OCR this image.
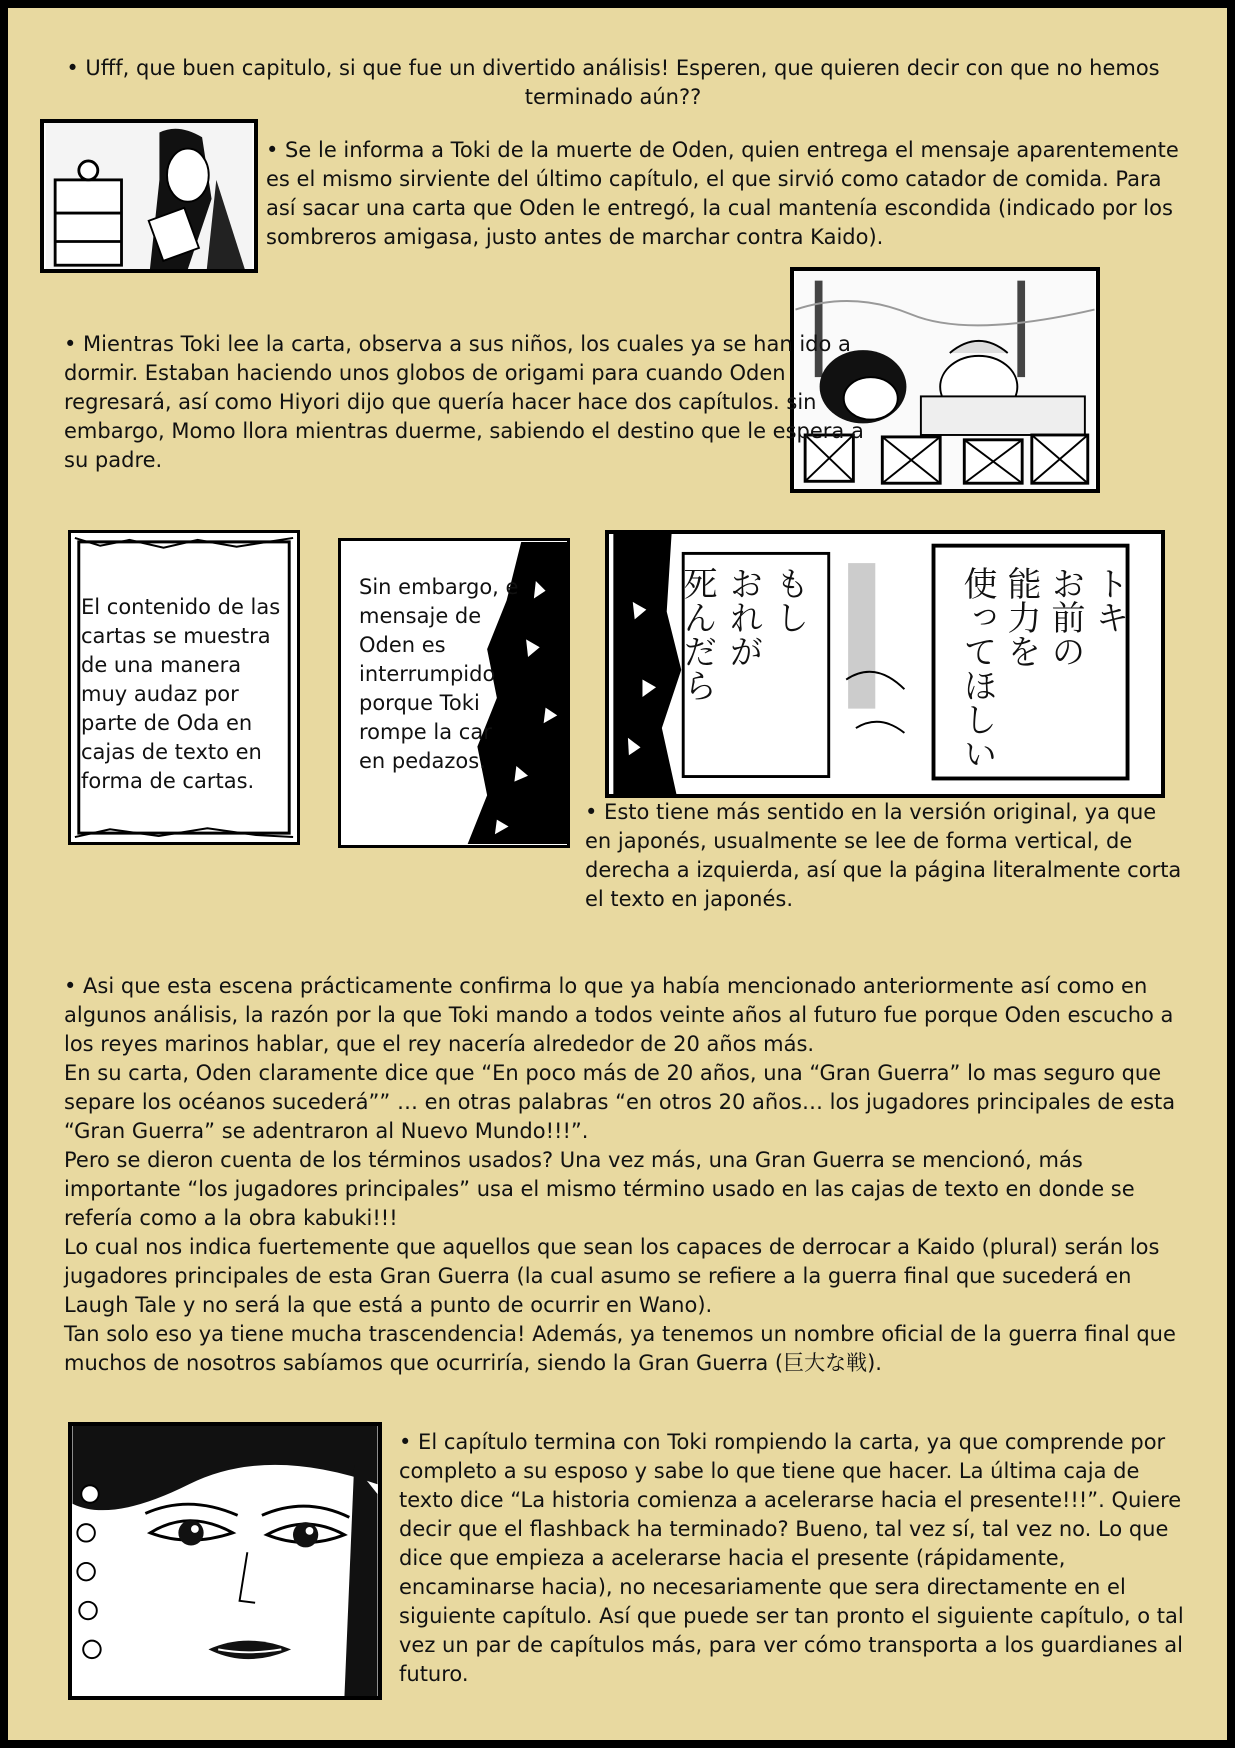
• Ufff, que buen capitulo, si que fue un divertido análisis! Esperen, que quieren decir con que no hemos terminado aún??

• Se le informa a Toki de la muerte de Oden, quien entrega el mensaje aparentemente es el mismo sirviente del último capítulo, el que sirvió como catador de comida. Para así sacar una carta que Oden le entregó, la cual mantenía escondida (indicado por los sombreros amigasa, justo antes de marchar contra Kaido).

• Mientras Toki lee la carta, observa a sus niños, los cuales ya se han ido a dormir. Estaban haciendo unos globos de origami para cuando Oden regresará, así como Hiyori dijo que quería hacer hace dos capítulos. sin embargo, Momo llora mientras duerme, sabiendo el destino que le espera a su padre.

El contenido de las
cartas se muestra
de una manera
muy audaz por
parte de Oda en
cajas de texto en
forma de cartas.

Sin embargo, e
mensaje de
Oden es
interrumpido
porque Toki
rompe la car
en pedazos.

死んだら おれが もし	使ってほしい 能力を お前の トキ

• Esto tiene más sentido en la versión original, ya que en japonés, usualmente se lee de forma vertical, de derecha a izquierda, así que la página literalmente corta el texto en japonés.

• Asi que esta escena prácticamente confirma lo que ya había mencionado anteriormente así como en algunos análisis, la razón por la que Toki mando a todos veinte años al futuro fue porque Oden escucho a los reyes marinos hablar, que el rey nacería alrededor de 20 años más.
En su carta, Oden claramente dice que “En poco más de 20 años, una “Gran Guerra” lo mas seguro que separe los océanos sucederá”” … en otras palabras “en otros 20 años… los jugadores principales de esta “Gran Guerra” se adentraron al Nuevo Mundo!!!”.
Pero se dieron cuenta de los términos usados? Una vez más, una Gran Guerra se mencionó, más importante “los jugadores principales” usa el mismo término usado en las cajas de texto en donde se refería como a la obra kabuki!!!
Lo cual nos indica fuertemente que aquellos que sean los capaces de derrocar a Kaido (plural) serán los jugadores principales de esta Gran Guerra (la cual asumo se refiere a la guerra final que sucederá en Laugh Tale y no será la que está a punto de ocurrir en Wano).
Tan solo eso ya tiene mucha trascendencia! Además, ya tenemos un nombre oficial de la guerra final que muchos de nosotros sabíamos que ocurriría, siendo la Gran Guerra (巨大な戦).

• El capítulo termina con Toki rompiendo la carta, ya que comprende por completo a su esposo y sabe lo que tiene que hacer. La última caja de texto dice “La historia comienza a acelerarse hacia el presente!!!”. Quiere decir que el flashback ha terminado? Bueno, tal vez sí, tal vez no. Lo que dice que empieza a acelerarse hacia el presente (rápidamente, encaminarse hacia), no necesariamente que sera directamente en el siguiente capítulo. Así que puede ser tan pronto el siguiente capítulo, o tal vez un par de capítulos más, para ver cómo transporta a los guardianes al futuro.
